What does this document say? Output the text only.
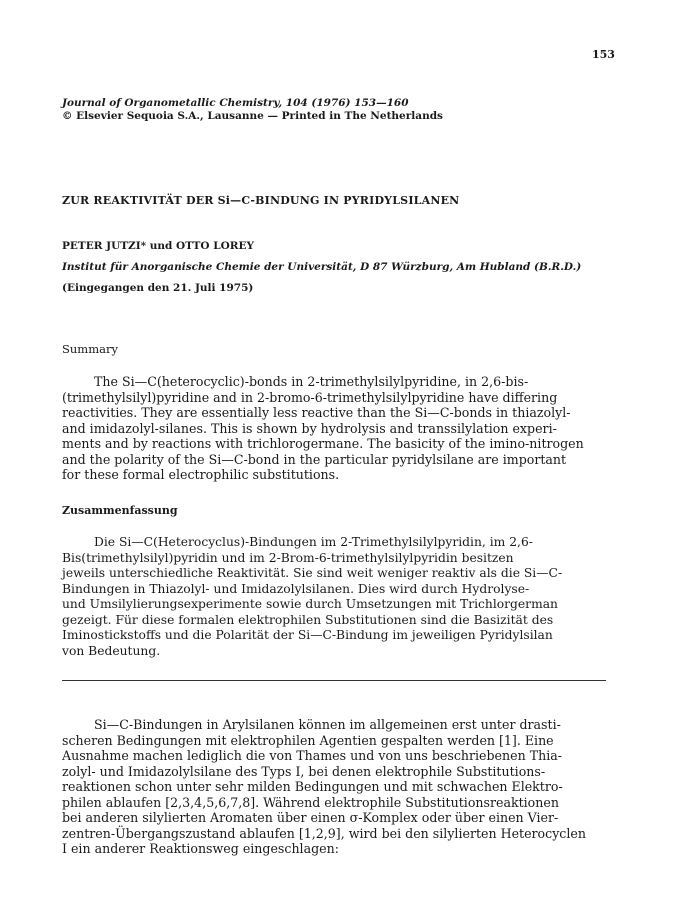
153
Journal of Organometallic Chemistry, 104 (1976) 153—160
© Elsevier Sequoia S.A., Lausanne — Printed in The Netherlands
ZUR REAKTIVITÄT DER Si—C-BINDUNG IN PYRIDYLSILANEN
PETER JUTZI* und OTTO LOREY
Institut für Anorganische Chemie der Universität, D 87 Würzburg, Am Hubland (B.R.D.)
(Eingegangen den 21. Juli 1975)
Summary
The Si—C(heterocyclic)-bonds in 2-trimethylsilylpyridine, in 2,6-bis-
(trimethylsilyl)pyridine and in 2-bromo-6-trimethylsilylpyridine have differing
reactivities. They are essentially less reactive than the Si—C-bonds in thiazolyl-
and imidazolyl-silanes. This is shown by hydrolysis and transsilylation experi-
ments and by reactions with trichlorogermane. The basicity of the imino-nitrogen
and the polarity of the Si—C-bond in the particular pyridylsilane are important
for these formal electrophilic substitutions.
Zusammenfassung
Die Si—C(Heterocyclus)-Bindungen im 2-Trimethylsilylpyridin, im 2,6-
Bis(trimethylsilyl)pyridin und im 2-Brom-6-trimethylsilylpyridin besitzen
jeweils unterschiedliche Reaktivität. Sie sind weit weniger reaktiv als die Si—C-
Bindungen in Thiazolyl- und Imidazolylsilanen. Dies wird durch Hydrolyse-
und Umsilylierungsexperimente sowie durch Umsetzungen mit Trichlorgerman
gezeigt. Für diese formalen elektrophilen Substitutionen sind die Basizität des
Iminostickstoffs und die Polarität der Si—C-Bindung im jeweiligen Pyridylsilan
von Bedeutung.
Si—C-Bindungen in Arylsilanen können im allgemeinen erst unter drasti-
scheren Bedingungen mit elektrophilen Agentien gespalten werden [1]. Eine
Ausnahme machen lediglich die von Thames und von uns beschriebenen Thia-
zolyl- und Imidazolylsilane des Typs I, bei denen elektrophile Substitutions-
reaktionen schon unter sehr milden Bedingungen und mit schwachen Elektro-
philen ablaufen [2,3,4,5,6,7,8]. Während elektrophile Substitutionsreaktionen
bei anderen silylierten Aromaten über einen σ-Komplex oder über einen Vier-
zentren-Übergangszustand ablaufen [1,2,9], wird bei den silylierten Heterocyclen
I ein anderer Reaktionsweg eingeschlagen:
